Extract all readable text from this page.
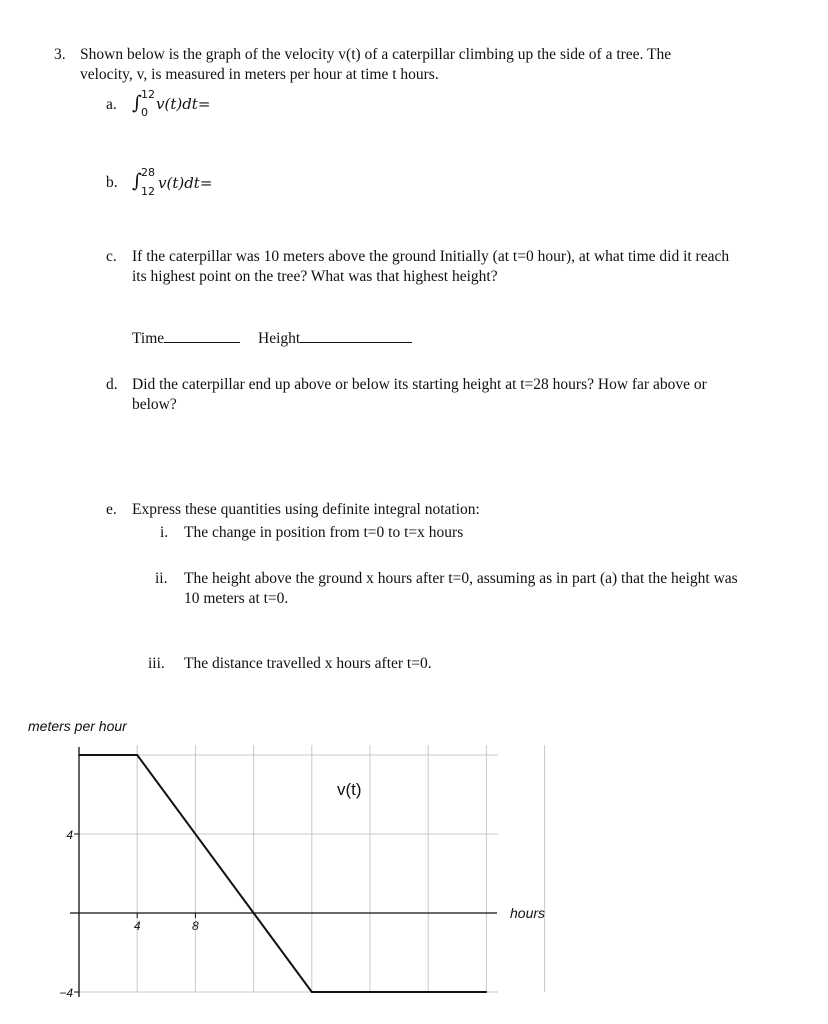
3. Shown below is the graph of the velocity v(t) of a caterpillar climbing up the side of a tree. The
velocity, v, is measured in meters per hour at time t hours.
a. ∫ 12
0 v(t)dt=
b. ∫ 28
12 v(t)dt=
c. If the caterpillar was 10 meters above the ground Initially (at t=0 hour), at what time did it reach
its highest point on the tree? What was that highest height?
Time	Height
d. Did the caterpillar end up above or below its starting height at t=28 hours? How far above or
below?
e. Express these quantities using definite integral notation:
i. The change in position from t=0 to t=x hours
ii. The height above the ground x hours after t=0, assuming as in part (a) that the height was
10 meters at t=0.
iii. The distance travelled x hours after t=0.
4	8
4
−4
meters per hour
hours
v(t)
